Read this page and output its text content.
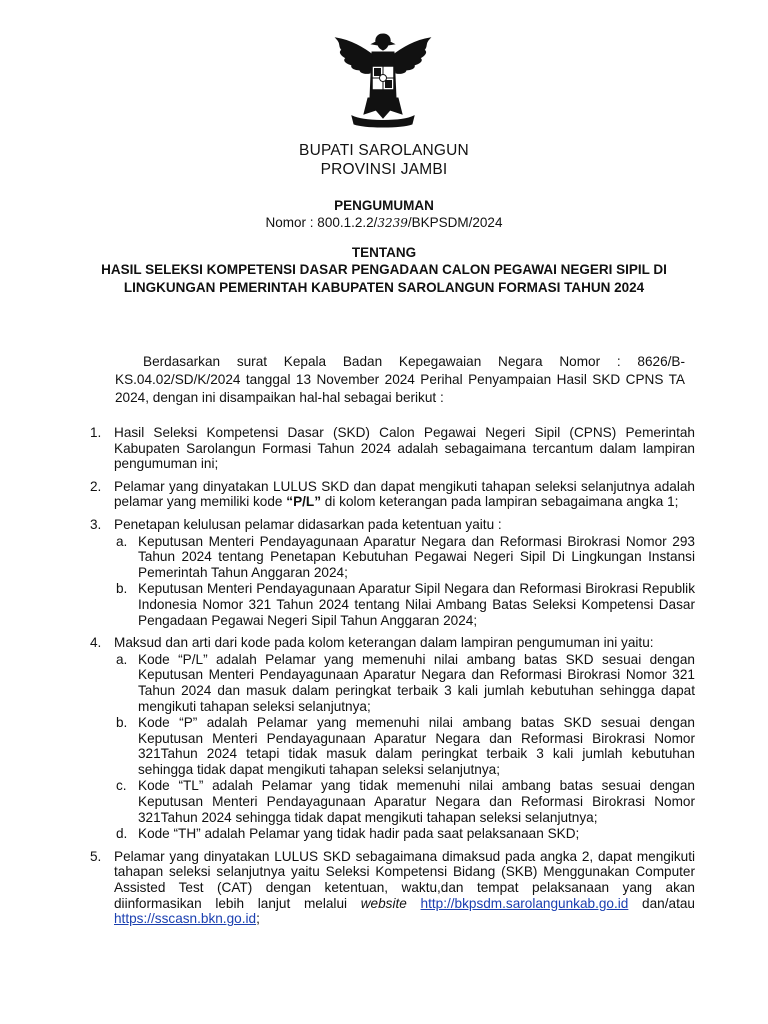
BUPATI SAROLANGUN
PROVINSI JAMBI
PENGUMUMAN
Nomor : 800.1.2.2/3239/BKPSDM/2024
TENTANG
HASIL SELEKSI KOMPETENSI DASAR PENGADAAN CALON PEGAWAI NEGERI SIPIL DI LINGKUNGAN PEMERINTAH KABUPATEN SAROLANGUN FORMASI TAHUN 2024
Berdasarkan surat Kepala Badan Kepegawaian Negara Nomor : 8626/B-KS.04.02/SD/K/2024 tanggal 13 November 2024 Perihal Penyampaian Hasil SKD CPNS TA 2024, dengan ini disampaikan hal-hal sebagai berikut :
1. Hasil Seleksi Kompetensi Dasar (SKD) Calon Pegawai Negeri Sipil (CPNS) Pemerintah Kabupaten Sarolangun Formasi Tahun 2024 adalah sebagaimana tercantum dalam lampiran pengumuman ini;
2. Pelamar yang dinyatakan LULUS SKD dan dapat mengikuti tahapan seleksi selanjutnya adalah pelamar yang memiliki kode “P/L” di kolom keterangan pada lampiran sebagaimana angka 1;
3. Penetapan kelulusan pelamar didasarkan pada ketentuan yaitu :
a. Keputusan Menteri Pendayagunaan Aparatur Negara dan Reformasi Birokrasi Nomor 293 Tahun 2024 tentang Penetapan Kebutuhan Pegawai Negeri Sipil Di Lingkungan Instansi Pemerintah Tahun Anggaran 2024;
b. Keputusan Menteri Pendayagunaan Aparatur Sipil Negara dan Reformasi Birokrasi Republik Indonesia Nomor 321 Tahun 2024 tentang Nilai Ambang Batas Seleksi Kompetensi Dasar Pengadaan Pegawai Negeri Sipil Tahun Anggaran 2024;
4. Maksud dan arti dari kode pada kolom keterangan dalam lampiran pengumuman ini yaitu:
a. Kode “P/L” adalah Pelamar yang memenuhi nilai ambang batas SKD sesuai dengan Keputusan Menteri Pendayagunaan Aparatur Negara dan Reformasi Birokrasi Nomor 321 Tahun 2024 dan masuk dalam peringkat terbaik 3 kali jumlah kebutuhan sehingga dapat mengikuti tahapan seleksi selanjutnya;
b. Kode “P” adalah Pelamar yang memenuhi nilai ambang batas SKD sesuai dengan Keputusan Menteri Pendayagunaan Aparatur Negara dan Reformasi Birokrasi Nomor 321Tahun 2024 tetapi tidak masuk dalam peringkat terbaik 3 kali jumlah kebutuhan sehingga tidak dapat mengikuti tahapan seleksi selanjutnya;
c. Kode “TL” adalah Pelamar yang tidak memenuhi nilai ambang batas sesuai dengan Keputusan Menteri Pendayagunaan Aparatur Negara dan Reformasi Birokrasi Nomor 321Tahun 2024 sehingga tidak dapat mengikuti tahapan seleksi selanjutnya;
d. Kode “TH” adalah Pelamar yang tidak hadir pada saat pelaksanaan SKD;
5. Pelamar yang dinyatakan LULUS SKD sebagaimana dimaksud pada angka 2, dapat mengikuti tahapan seleksi selanjutnya yaitu Seleksi Kompetensi Bidang (SKB) Menggunakan Computer Assisted Test (CAT) dengan ketentuan, waktu,dan tempat pelaksanaan yang akan diinformasikan lebih lanjut melalui website http://bkpsdm.sarolangunkab.go.id dan/atau https://sscasn.bkn.go.id;
